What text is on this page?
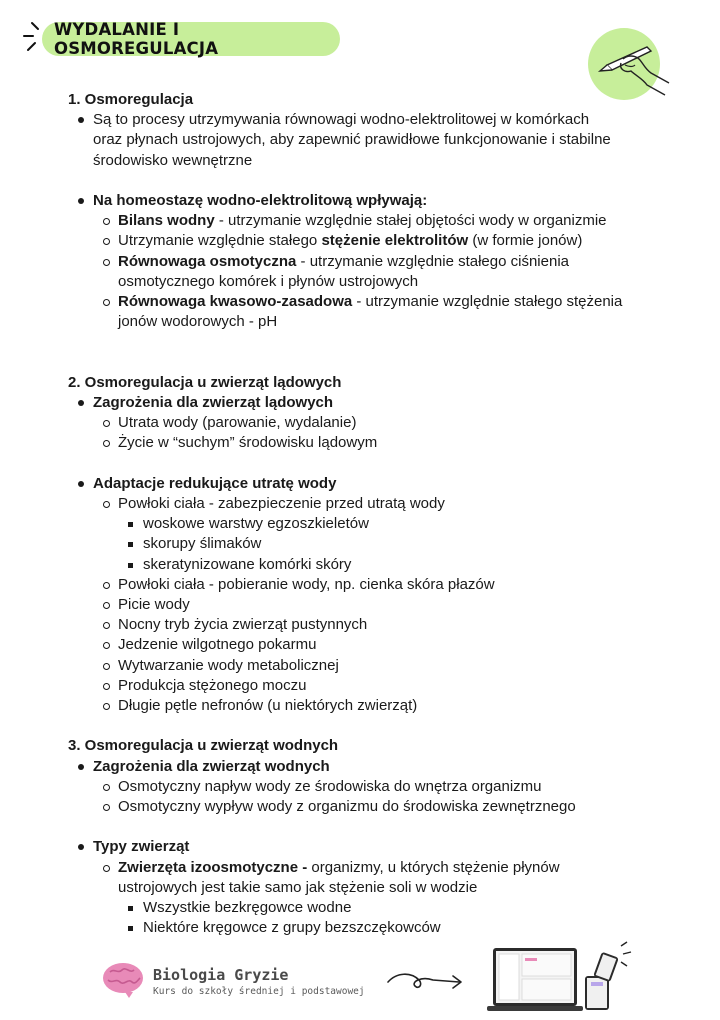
WYDALANIE I OSMOREGULACJA
1. Osmoregulacja
Są to procesy utrzymywania równowagi wodno-elektrolitowej w komórkach
oraz płynach ustrojowych, aby zapewnić prawidłowe funkcjonowanie i stabilne
środowisko wewnętrzne
Na homeostazę wodno-elektrolitową wpływają:
Bilans wodny - utrzymanie względnie stałej objętości wody w organizmie
Utrzymanie względnie stałego stężenie elektrolitów (w formie jonów)
Równowaga osmotyczna - utrzymanie względnie stałego ciśnienia
osmotycznego komórek i płynów ustrojowych
Równowaga kwasowo-zasadowa - utrzymanie względnie stałego stężenia
jonów wodorowych - pH
2. Osmoregulacja u zwierząt lądowych
Zagrożenia dla zwierząt lądowych
Utrata wody (parowanie, wydalanie)
Życie w “suchym” środowisku lądowym
Adaptacje redukujące utratę wody
Powłoki ciała - zabezpieczenie przed utratą wody
woskowe warstwy egzoszkieletów
skorupy ślimaków
skeratynizowane komórki skóry
Powłoki ciała - pobieranie wody, np. cienka skóra płazów
Picie wody
Nocny tryb życia zwierząt pustynnych
Jedzenie wilgotnego pokarmu
Wytwarzanie wody metabolicznej
Produkcja stężonego moczu
Długie pętle nefronów (u niektórych zwierząt)
3. Osmoregulacja u zwierząt wodnych
Zagrożenia dla zwierząt wodnych
Osmotyczny napływ wody ze środowiska do wnętrza organizmu
Osmotyczny wypływ wody z organizmu do środowiska zewnętrznego
Typy zwierząt
Zwierzęta izoosmotyczne - organizmy, u których stężenie płynów
ustrojowych jest takie samo jak stężenie soli w wodzie
Wszystkie bezkręgowce wodne
Niektóre kręgowce z grupy bezszczękowców
Biologia Gryzie
Kurs do szkoły średniej i podstawowej
